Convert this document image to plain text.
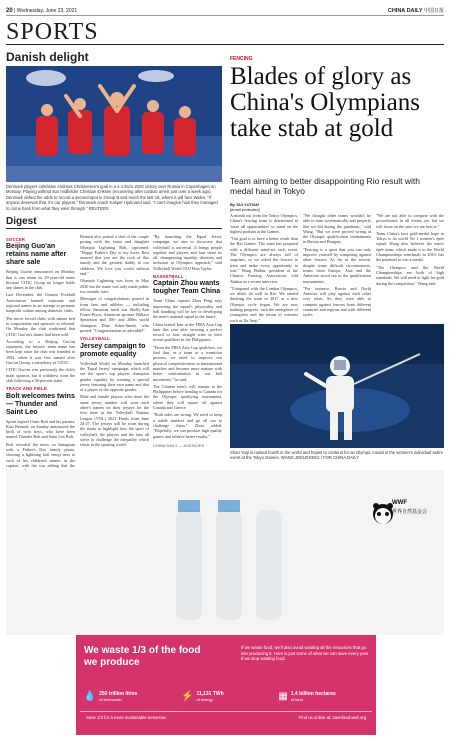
20 | Wednesday, June 23, 2021	CHINA DAILY 中国日报
SPORTS
Danish delight
Denmark players celebrate Andreas Christensen's goal in a 4-1 Euro 2020 victory over Russia in Copenhagen on Monday. Playing without star midfielder Christian Eriksen (recovering after cardiac arrest just over a week ago), Denmark defied the odds to record a second-spot in Group B and reach the last 16, where it will face Wales. "If anyone deserves that, it's our players," Denmark coach Kasper Hjulmand said. "I can't imagine how they managed to come back from what they went through." REUTERS
Digest
SOCCER
Beijing Guo'an retains name after share sale

Beijing Guo'an announced on Monday that it can retain its 29-year-old name because CITIC Group no longer holds any shares in the club.

Last December, the Chinese Football Association banned corporate and regional names in an attempt to promote nonprofit culture among domestic clubs.

The move forced clubs with names tied to corporations and sponsors to rebrand. On Monday the club confirmed that CITIC Guo'an's shares had been sold.

According to a Beijing Guo'an statement, the historic team name has been kept since the club was founded in 1992, when it was first named after Guo'an Group, a subsidiary of CITIC.

CITIC Guo'an was previously the club's main sponsor, but it withdrew from the club following a 36-percent stake.

TRACK AND FIELD
Bolt welcomes twins — Thunder and Saint Leo

Sprint legend Usain Bolt and his partner, Kasi Bennett, on Sunday announced the birth of twin boys, who have been named Thunder Bolt and Saint Leo Bolt.

Bolt revealed the news on Instagram with a Father's Day family photo, showing a lightning bolt emoji next to each of his children's names in the caption, with the star adding that the

Bennett also posted a shot of the couple posing with the twins and daughter Olympia Lightning Bolt, captioned: "Happy Father's Day to my lover. Rest assured that you are the rock of this family and the greatest daddy to our children. We love you world without end."

Olympia Lightning was born in May 2020 but the name was only made public two months later.

Messages of congratulations poured in from fans and athletes — including fellow Jamaican track star Shelly-Ann Fraser-Pryce, American sprinter Wallace Spearmon and 100- and 200m world champion Dina Asher-Smith, who posted: "Congratulations so adorable!"

VOLLEYBALL
Jersey campaign to promote equality

Volleyball World on Monday launched the 'Equal Jersey' campaign, which will see the sport's top players champion gender equality by wearing a special jersey featuring their own name and that of a player of the opposite gender.

Male and female players who share the same jersey number will wear each other's names on their jerseys for the first time at the Volleyball Nations League (VNL) 2021 Finals from June 24-27. The jerseys will be worn during the finals to highlight how the sport of volleyball, the players and the fans all strive to challenge the inequality which exists in the sporting world.

"By launching the Equal Jersey campaign, we aim to showcase that volleyball is universal. It brings people together and players and fans share its all, championing equality, diversity and inclusion as Olympics approach," said Volleyball World CEO Finn Taylor.

BASKETBALL
Captain Zhou wants tougher Team China

Team China captain Zhou Peng says improving the squad's physicality and ball handling will be key to developing the men's national squad in the future.

China hosted Iran at the FIBA Asia Cup later this year after securing a perfect record of four straight wins in their recent qualifiers in the Philippines.

"From the FIBA Asia Cup qualifiers, we find that, as a team in a transition process, we need to improve our physical competitiveness in international matches and become more mature with better confrontation in our ball movement," he said.

The Chinese men's will remain in the Philippines before heading to Canada for the Olympic qualifying tournament, where they will square off against Canada and Greece.

"Both sides are strong. We need to keep a stable mindset and go all out to challenge them," Zhou added. "Hopefully, we can produce high quality games and achieve better results."

CHINA DAILY — AGENCIES
FENCING
Blades of glory as China's Olympians take stab at gold
Team aiming to better disappointing Rio result with medal haul in Tokyo
By SUI YUTIAN
[email protected]

A month out from the Tokyo Olympics, China's fencing team is determined to 'seize all opportunities' to stand on the highest podium at the Games.

"Our goal is to have a better result than the Rio Games. The team has prepared with a different mind-set each event. The Olympics are always full of surprises, so we asked the fencers to train and make every opportunity to win," Wang Haibin, president of the Chinese Fencing Association, told Xinhua in a recent interview.

"Compared with the London Olympics, we didn't do well in Rio. We started thinking the team in 2017 as a new Olympic cycle began. We are now making progress, with the emergence of youngsters and the return of veterans such as Xu Anqi."

"We thought other teams wouldn't be able to train systematically and properly like we did during the pandemic," said Wang. "But we were proved wrong at the Olympic qualification tournaments in Russia and Hungary.

"Fencing is a sport that you can only improve yourself by competing against other fencers. As far as the season, despite some difficult circumstances, teams from Europe, Asia and the Americas stood out in the qualification tournaments.

"For instance, Russia and North America still play against each other very often. So they were able to compete against fencers from different countries and regions and with different styles.

"We are not able to compete with the powerhouses in all events yet, but we will focus on the ones we are best at."

Team China's best gold-medal hope in Tokyo is its world No 1 women's épée squad. Wang also believes the men's épée team, which made it to the World Championships semifinals in 2019, has the potential to win a medal.

"The Olympics and the World Championships are both of high standards. We will need to fight for gold during the competition," Wang said.

Shao Yaqi is ranked fourth in the world and hopes to contend for an Olympic medal in the women's individual sabre event at the Tokyo Games. WANG JINGZHONG / FOR CHINA DAILY
WWF
世界自然基金会
We waste 1/3 of the food we produce
If we waste food, we'll also avoid wasting all the resources that go into producing it. Here is just some of what we can save every year if we stop wasting food.
💧 250 trillion litres
of freshwater	⚡ 11,131 TWh
of energy	▦ 1.4 billion hectares
of land
Save 1/3 for a more sustainable tomorrow	Find us online at: savefood.wwf.org
